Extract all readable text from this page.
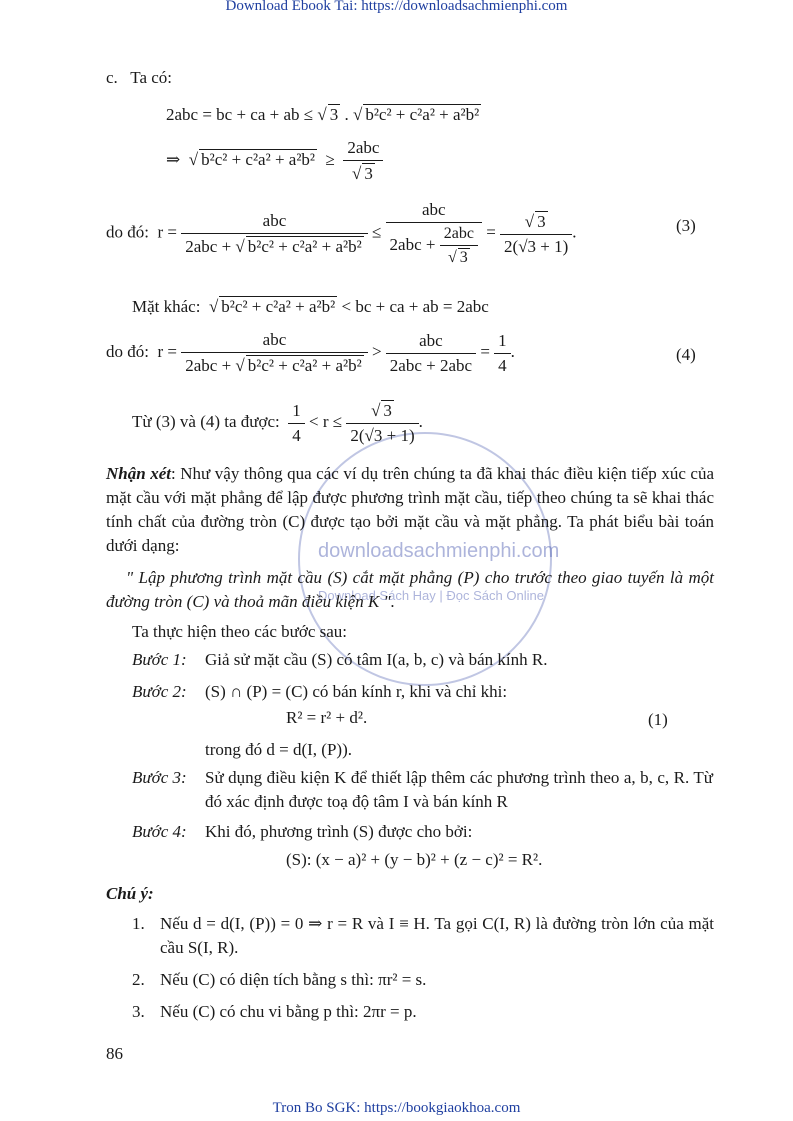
Download Ebook Tai: https://downloadsachmienphi.com
downloadsachmienphi.com
Download Sách Hay | Đọc Sách Online
c. Ta có:
2abc = bc + ca + ab ≤ √ 3 . √ b²c² + c²a² + a²b²
⇒ √ b²c² + c²a² + a²b² ≥ 2abc
√ 3
do đó: $r = \frac{\text{abc}}{\text{2abc + √ b²c² + c²a² + a²b²}}$ ≤ abc
2abc + 2abc
√ 3 = √ $\frac{3}{2(√3 + 1)}$ .	(3)
Mặt khác: √ b²c² + c²a² + a²b² < bc + ca + ab = 2abc
do đó: $r = \frac{\text{abc}}{\text{2abc + √ b²c² + c²a² + a²b²}} > \frac{\text{abc}}{\text{2abc + 2abc}} = \frac{1}{4}$ .	(4)
Từ (3) và (4) ta được: $\frac{1}{4} < r$ ≤ √ $\frac{3}{2(√3 + 1)}$ .
Nhận xét: Như vậy thông qua các ví dụ trên chúng ta đã khai thác điều kiện tiếp xúc của mặt cầu với mặt phẳng để lập được phương trình mặt cầu, tiếp theo chúng ta sẽ khai thác tính chất của đường tròn (C) được tạo bởi mặt cầu và mặt phẳng. Ta phát biểu bài toán dưới dạng:
" Lập phương trình mặt cầu (S) cắt mặt phẳng (P) cho trước theo giao tuyến là một đường tròn (C) và thoả mãn điều kiện K ".
Ta thực hiện theo các bước sau:
Bước 1: Giả sử mặt cầu (S) có tâm I(a, b, c) và bán kính R.
Bước 2: (S) ∩ (P) = (C) có bán kính r, khi và chỉ khi:
R² = r² + d².	(1)
trong đó d = d(I, (P)).
Bước 3: Sử dụng điều kiện K để thiết lập thêm các phương trình theo a, b, c, R. Từ đó xác định được toạ độ tâm I và bán kính R
Bước 4: Khi đó, phương trình (S) được cho bởi:
(S): (x − a)² + (y − b)² + (z − c)² = R².
Chú ý:
1. Nếu d = d(I, (P)) = 0 ⇒ r = R và I ≡ H. Ta gọi C(I, R) là đường tròn lớn của mặt cầu S(I, R).
2. Nếu (C) có diện tích bằng s thì: πr² = s.
3. Nếu (C) có chu vi bằng p thì: 2πr = p.
86
Tron Bo SGK: https://bookgiaokhoa.com
